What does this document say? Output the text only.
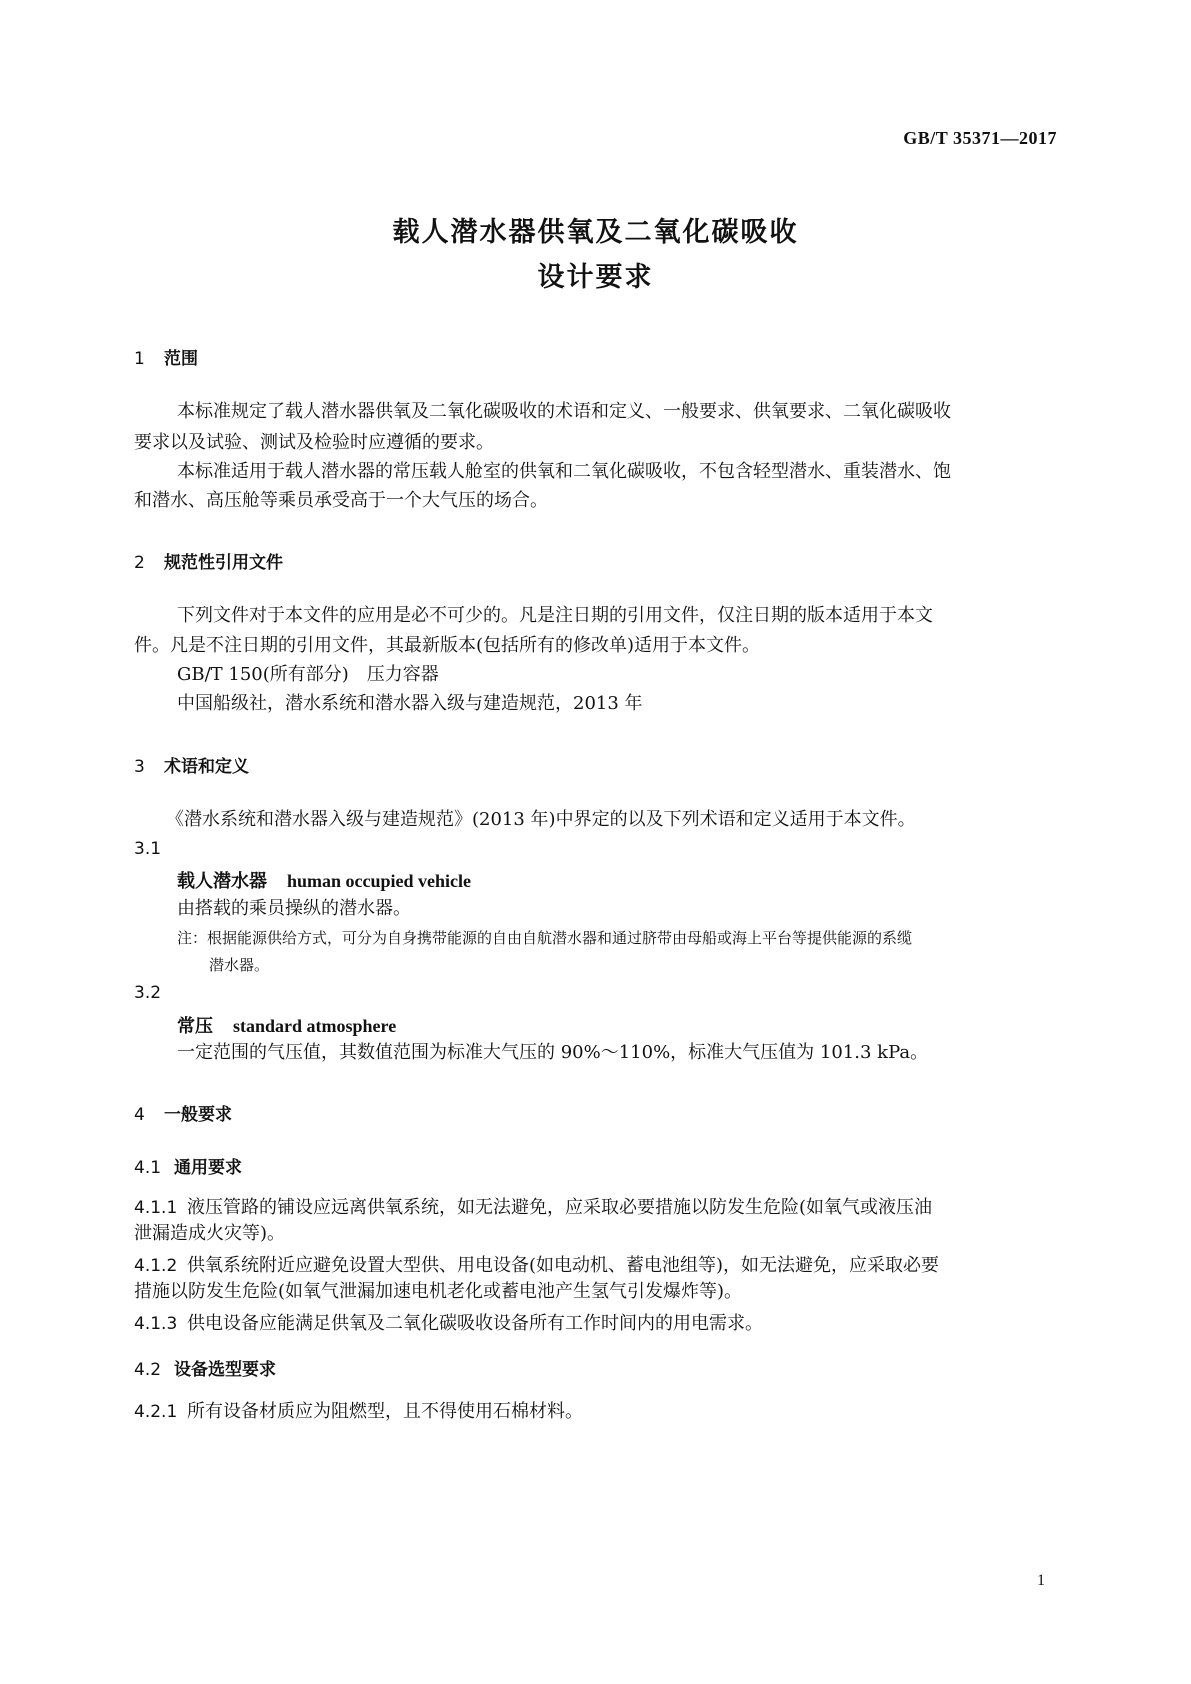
GB/T 35371—2017
载人潜水器供氧及二氧化碳吸收
设计要求
1 范围
本标准规定了载人潜水器供氧及二氧化碳吸收的术语和定义、一般要求、供氧要求、二氧化碳吸收
要求以及试验、测试及检验时应遵循的要求。
本标准适用于载人潜水器的常压载人舱室的供氧和二氧化碳吸收，不包含轻型潜水、重装潜水、饱
和潜水、高压舱等乘员承受高于一个大气压的场合。
2 规范性引用文件
下列文件对于本文件的应用是必不可少的。凡是注日期的引用文件，仅注日期的版本适用于本文
件。凡是不注日期的引用文件，其最新版本(包括所有的修改单)适用于本文件。
GB/T 150(所有部分)　压力容器
中国船级社，潜水系统和潜水器入级与建造规范，2013 年
3 术语和定义
《潜水系统和潜水器入级与建造规范》(2013 年)中界定的以及下列术语和定义适用于本文件。
3.1
载人潜水器 human occupied vehicle
由搭载的乘员操纵的潜水器。
注：根据能源供给方式，可分为自身携带能源的自由自航潜水器和通过脐带由母船或海上平台等提供能源的系缆
潜水器。
3.2
常压 standard atmosphere
一定范围的气压值，其数值范围为标准大气压的 90%～110%，标准大气压值为 101.3 kPa。
4 一般要求
4.1 通用要求
4.1.1 液压管路的铺设应远离供氧系统，如无法避免，应采取必要措施以防发生危险(如氧气或液压油
泄漏造成火灾等)。
4.1.2 供氧系统附近应避免设置大型供、用电设备(如电动机、蓄电池组等)，如无法避免，应采取必要
措施以防发生危险(如氧气泄漏加速电机老化或蓄电池产生氢气引发爆炸等)。
4.1.3 供电设备应能满足供氧及二氧化碳吸收设备所有工作时间内的用电需求。
4.2 设备选型要求
4.2.1 所有设备材质应为阻燃型，且不得使用石棉材料。
1
